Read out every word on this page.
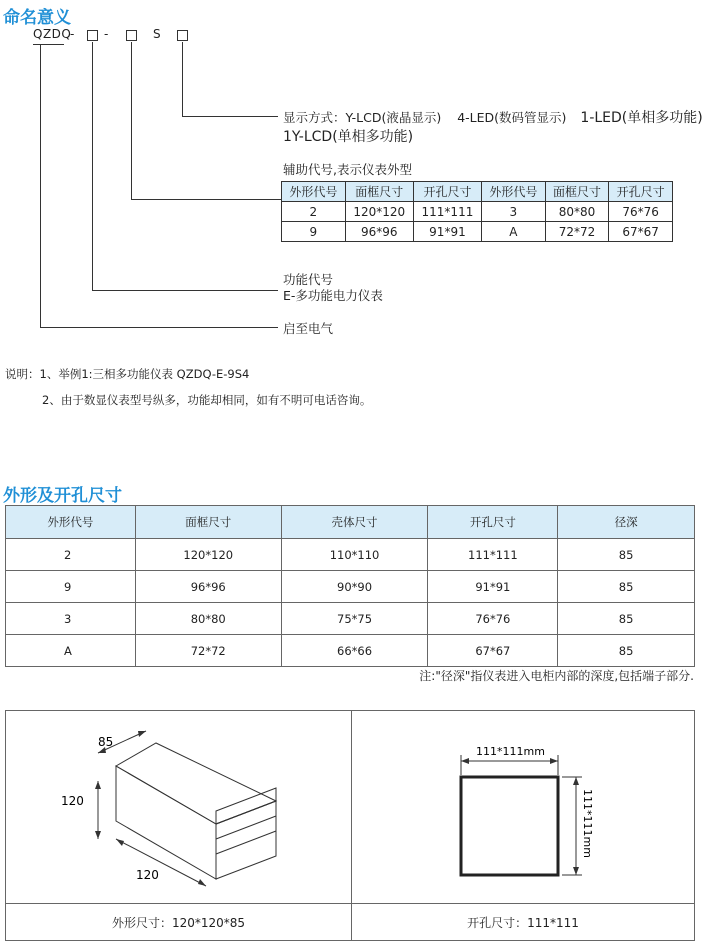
命名意义
QZDQ
- -	S
显示方式：Y-LCD(液晶显示) 4-LED(数码管显示) 1-LED(单相多功能)
1Y-LCD(单相多功能)
辅助代号,表示仪表外型
外形代号	面框尺寸	开孔尺寸	外形代号	面框尺寸	开孔尺寸
2	120*120	111*111	3	80*80	76*76
9	96*96	91*91	A	72*72	67*67
功能代号
E-多功能电力仪表
启至电气
说明：1、举例1:三相多功能仪表 QZDQ-E-9S4
2、由于数显仪表型号纵多，功能却相同，如有不明可电话咨询。
外形及开孔尺寸
外形代号	面框尺寸	壳体尺寸	开孔尺寸	径深
2	120*120	110*110	111*111	85
9	96*96	90*90	91*91	85
3	80*80	75*75	76*76	85
A	72*72	66*66	67*67	85
注:"径深"指仪表进入电柜内部的深度,包括端子部分.
85
120
120	111*111mm
111*111mm

外形尺寸：120*120*85	开孔尺寸：111*111
